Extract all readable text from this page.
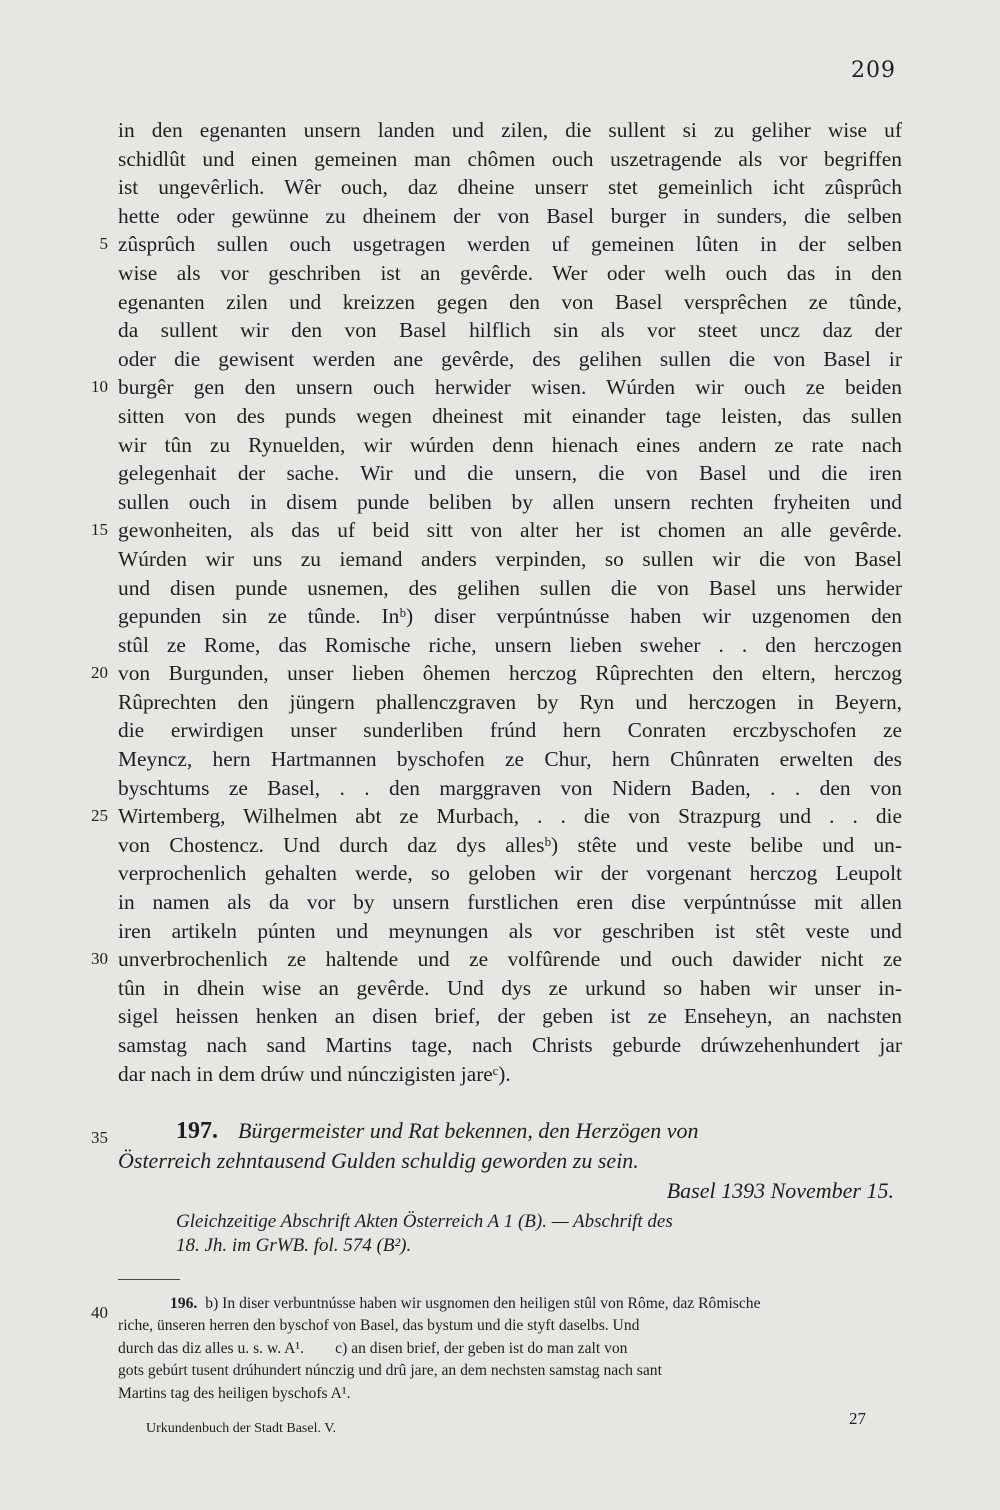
209
in den egenanten unsern landen und zilen, die sullent si zu geliher wise uf
schidlût und einen gemeinen man chômen ouch uszetragende als vor begriffen
ist ungevêrlich. Wêr ouch, daz dheine unserr stet gemeinlich icht zûsprûch
hette oder gewünne zu dheinem der von Basel burger in sunders, die selben
zûsprûch sullen ouch usgetragen werden uf gemeinen lûten in der selben
wise als vor geschriben ist an gevêrde. Wer oder welh ouch das in den
egenanten zilen und kreizzen gegen den von Basel versprêchen ze tûnde,
da sullent wir den von Basel hilflich sin als vor steet uncz daz der
oder die gewisent werden ane gevêrde, des gelihen sullen die von Basel ir
burgêr gen den unsern ouch herwider wisen. Wúrden wir ouch ze beiden
sitten von des punds wegen dheinest mit einander tage leisten, das sullen
wir tûn zu Rynuelden, wir wúrden denn hienach eines andern ze rate nach
gelegenhait der sache. Wir und die unsern, die von Basel und die iren
sullen ouch in disem punde beliben by allen unsern rechten fryheiten und
gewonheiten, als das uf beid sitt von alter her ist chomen an alle gevêrde.
Wúrden wir uns zu iemand anders verpinden, so sullen wir die von Basel
und disen punde usnemen, des gelihen sullen die von Basel uns herwider
gepunden sin ze tûnde. Inᵇ) diser verpúntnússe haben wir uzgenomen den
stûl ze Rome, das Romische riche, unsern lieben sweher . . den herczogen
von Burgunden, unser lieben ôhemen herczog Rûprechten den eltern, herczog
Rûprechten den jüngern phallenczgraven by Ryn und herczogen in Beyern,
die erwirdigen unser sunderliben frúnd hern Conraten erczbyschofen ze
Meyncz, hern Hartmannen byschofen ze Chur, hern Chûnraten erwelten des
byschtums ze Basel, . . den marggraven von Nidern Baden, . . den von
Wirtemberg, Wilhelmen abt ze Murbach, . . die von Strazpurg und . . die
von Chostencz. Und durch daz dys allesᵇ) stête und veste belibe und un-
verprochenlich gehalten werde, so geloben wir der vorgenant herczog Leupolt
in namen als da vor by unsern furstlichen eren dise verpúntnússe mit allen
iren artikeln púnten und meynungen als vor geschriben ist stêt veste und
unverbrochenlich ze haltende und ze volfûrende und ouch dawider nicht ze
tûn in dhein wise an gevêrde. Und dys ze urkund so haben wir unser in-
sigel heissen henken an disen brief, der geben ist ze Enseheyn, an nachsten
samstag nach sand Martins tage, nach Christs geburde drúwzehenhundert jar
dar nach in dem drúw und núnczigisten jareᶜ).
5
10
15
20
25
30
35	197. Bürgermeister und Rat bekennen, den Herzögen von
Österreich zehntausend Gulden schuldig geworden zu sein.
Basel 1393 November 15.
Gleichzeitige Abschrift Akten Österreich A 1 (B). — Abschrift des
18. Jh. im GrWB. fol. 574 (B²).
40	196. b) In diser verbuntnússe haben wir usgnomen den heiligen stûl von Rôme, daz Rômische
riche, ünseren herren den byschof von Basel, das bystum und die styft daselbs. Und
durch das diz alles u. s. w. A¹.        c) an disen brief, der geben ist do man zalt von
gots gebúrt tusent drúhundert núnczig und drû jare, an dem nechsten samstag nach sant
Martins tag des heiligen byschofs A¹.
Urkundenbuch der Stadt Basel. V.
27
